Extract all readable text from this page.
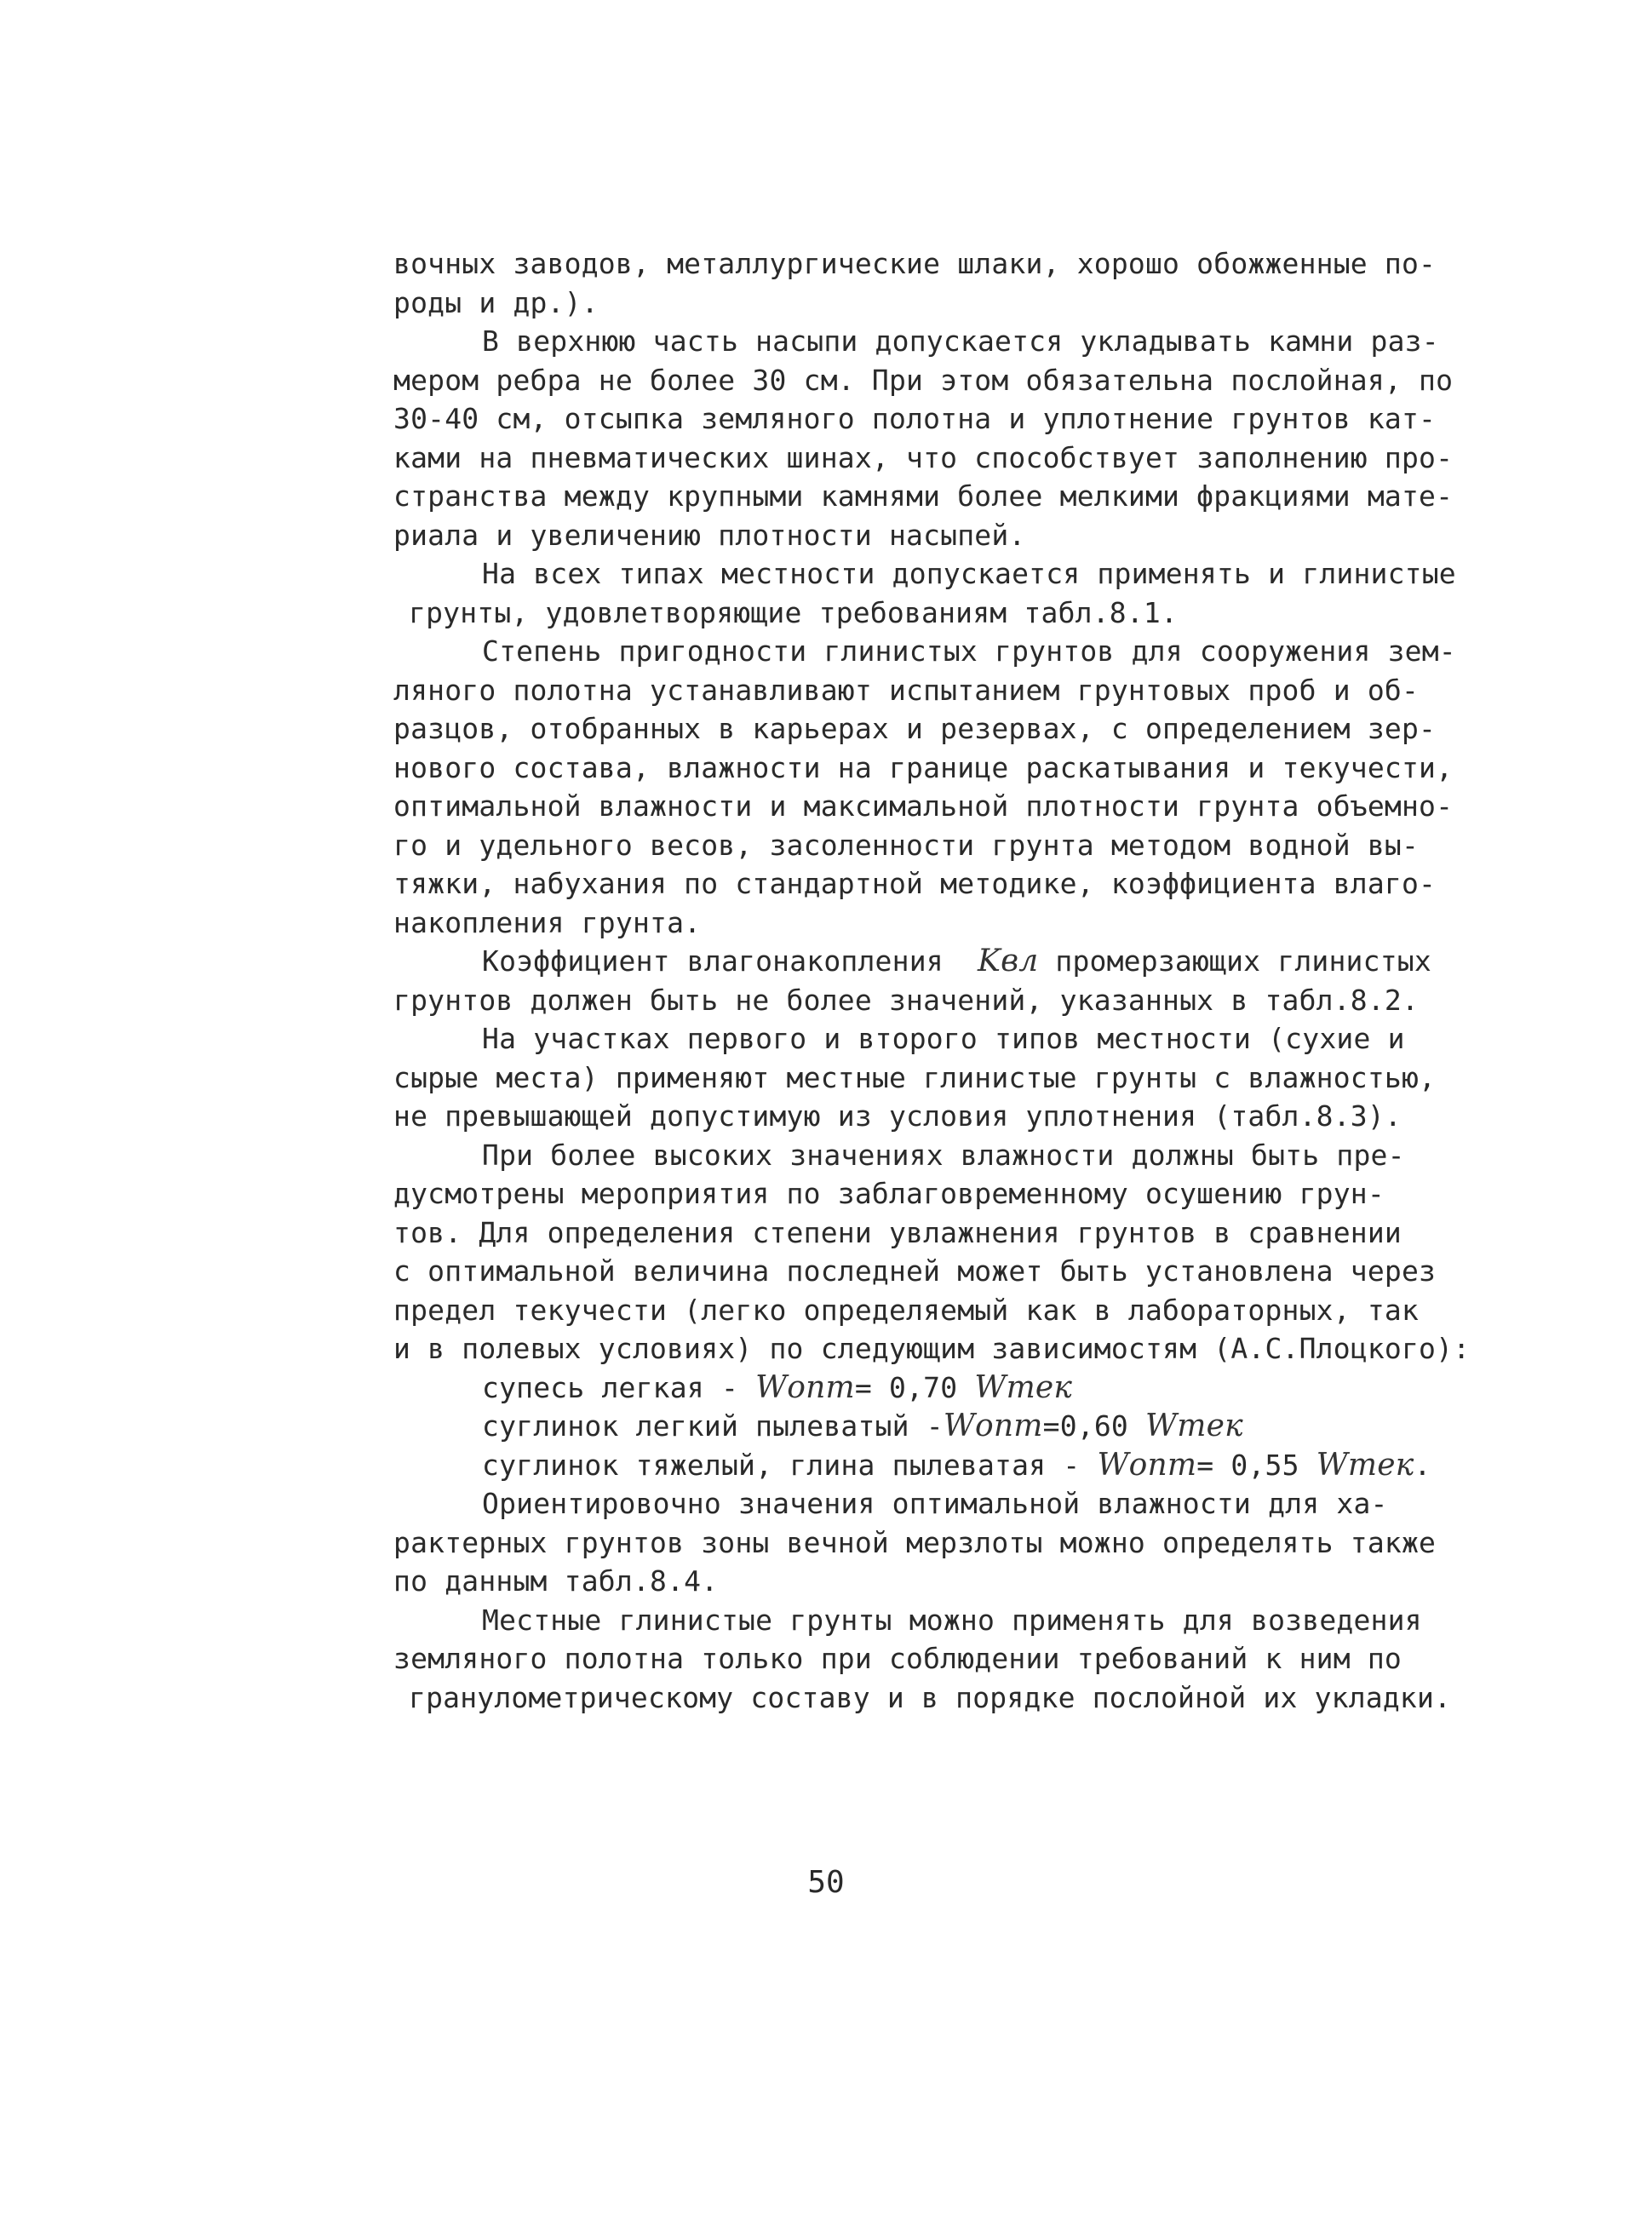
вочных заводов, металлургические шлаки, хорошо обожженные по-
роды и др.).
В верхнюю часть насыпи допускается укладывать камни раз-
мером ребра не более 30 см. При этом обязательна послойная, по
30-40 см, отсыпка земляного полотна и уплотнение грунтов кат-
ками на пневматических шинах, что способствует заполнению про-
странства между крупными камнями более мелкими фракциями мате-
риала и увеличению плотности насыпей.
На всех типах местности допускается применять и глинистые
грунты, удовлетворяющие требованиям табл.8.1.
Степень пригодности глинистых грунтов для сооружения зем-
ляного полотна устанавливают испытанием грунтовых проб и об-
разцов, отобранных в карьерах и резервах, с определением зер-
нового состава, влажности на границе раскатывания и текучести,
оптимальной влажности и максимальной плотности грунта объемно-
го и удельного весов, засоленности грунта методом водной вы-
тяжки, набухания по стандартной методике, коэффициента влаго-
накопления грунта.
Коэффициент влагонакопления  Kвл промерзающих глинистых
грунтов должен быть не более значений, указанных в табл.8.2.
На участках первого и второго типов местности (сухие и
сырые места) применяют местные глинистые грунты с влажностью,
не превышающей допустимую из условия уплотнения (табл.8.3).
При более высоких значениях влажности должны быть пре-
дусмотрены мероприятия по заблаговременному осушению грун-
тов. Для определения степени увлажнения грунтов в сравнении
с оптимальной величина последней может быть установлена через
предел текучести (легко определяемый как в лабораторных, так
и в полевых условиях) по следующим зависимостям (А.С.Плоцкого):
супесь легкая - Wопт= 0,70 Wтек
суглинок легкий пылеватый -Wопт=0,60 Wтек
суглинок тяжелый, глина пылеватая - Wопт= 0,55 Wтек.
Ориентировочно значения оптимальной влажности для ха-
рактерных грунтов зоны вечной мерзлоты можно определять также
по данным табл.8.4.
Местные глинистые грунты можно применять для возведения
земляного полотна только при соблюдении требований к ним по
гранулометрическому составу и в порядке послойной их укладки.
50
